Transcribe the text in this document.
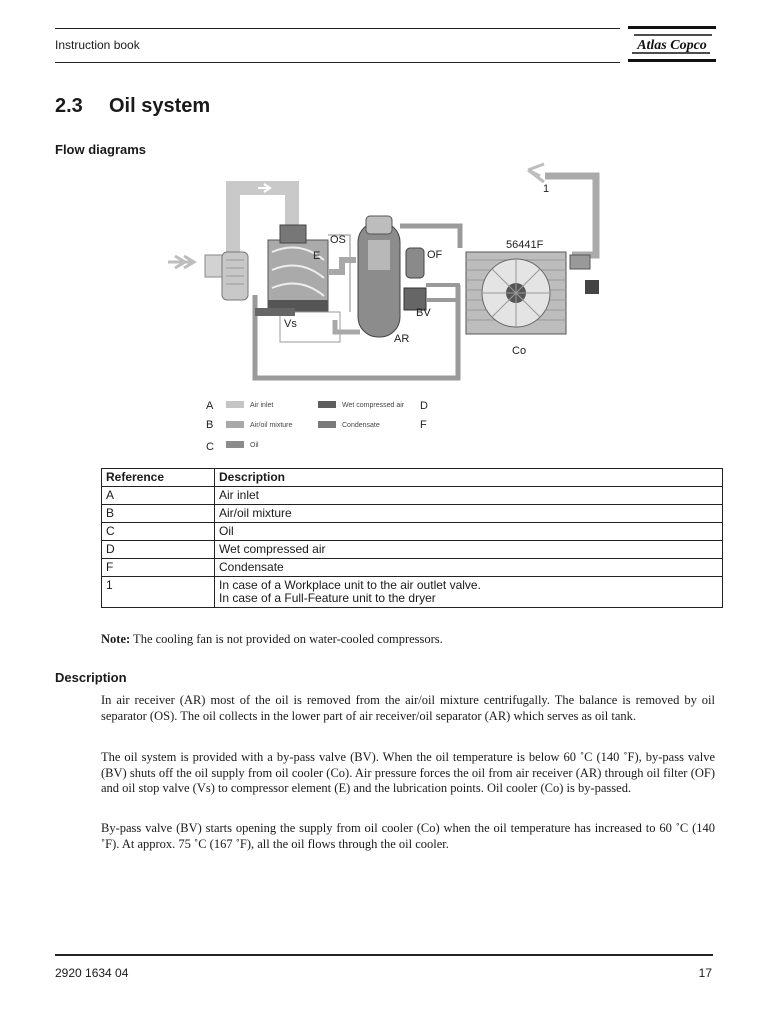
Instruction book	Atlas Copco
2.3 Oil system
Flow diagrams
1
OS
E	OF
56441F
BV
Vs
AR
Co
A	Air inlet
B	Air/oil mixture
C	Oil
Wet compressed air D
Condensate	F
Reference	Description
A	Air inlet
B	Air/oil mixture
C	Oil
D	Wet compressed air
F	Condensate
1	In case of a Workplace unit to the air outlet valve.
In case of a Full-Feature unit to the dryer
Note: The cooling fan is not provided on water-cooled compressors.
Description
In air receiver (AR) most of the oil is removed from the air/oil mixture centrifugally. The balance is removed by oil separator (OS). The oil collects in the lower part of air receiver/oil separator (AR) which serves as oil tank.
The oil system is provided with a by-pass valve (BV). When the oil temperature is below 60 ˚C (140 ˚F), by-pass valve (BV) shuts off the oil supply from oil cooler (Co). Air pressure forces the oil from air receiver (AR) through oil filter (OF) and oil stop valve (Vs) to compressor element (E) and the lubrication points. Oil cooler (Co) is by-passed.
By-pass valve (BV) starts opening the supply from oil cooler (Co) when the oil temperature has increased to 60 ˚C (140 ˚F). At approx. 75 ˚C (167 ˚F), all the oil flows through the oil cooler.
2920 1634 04	17
